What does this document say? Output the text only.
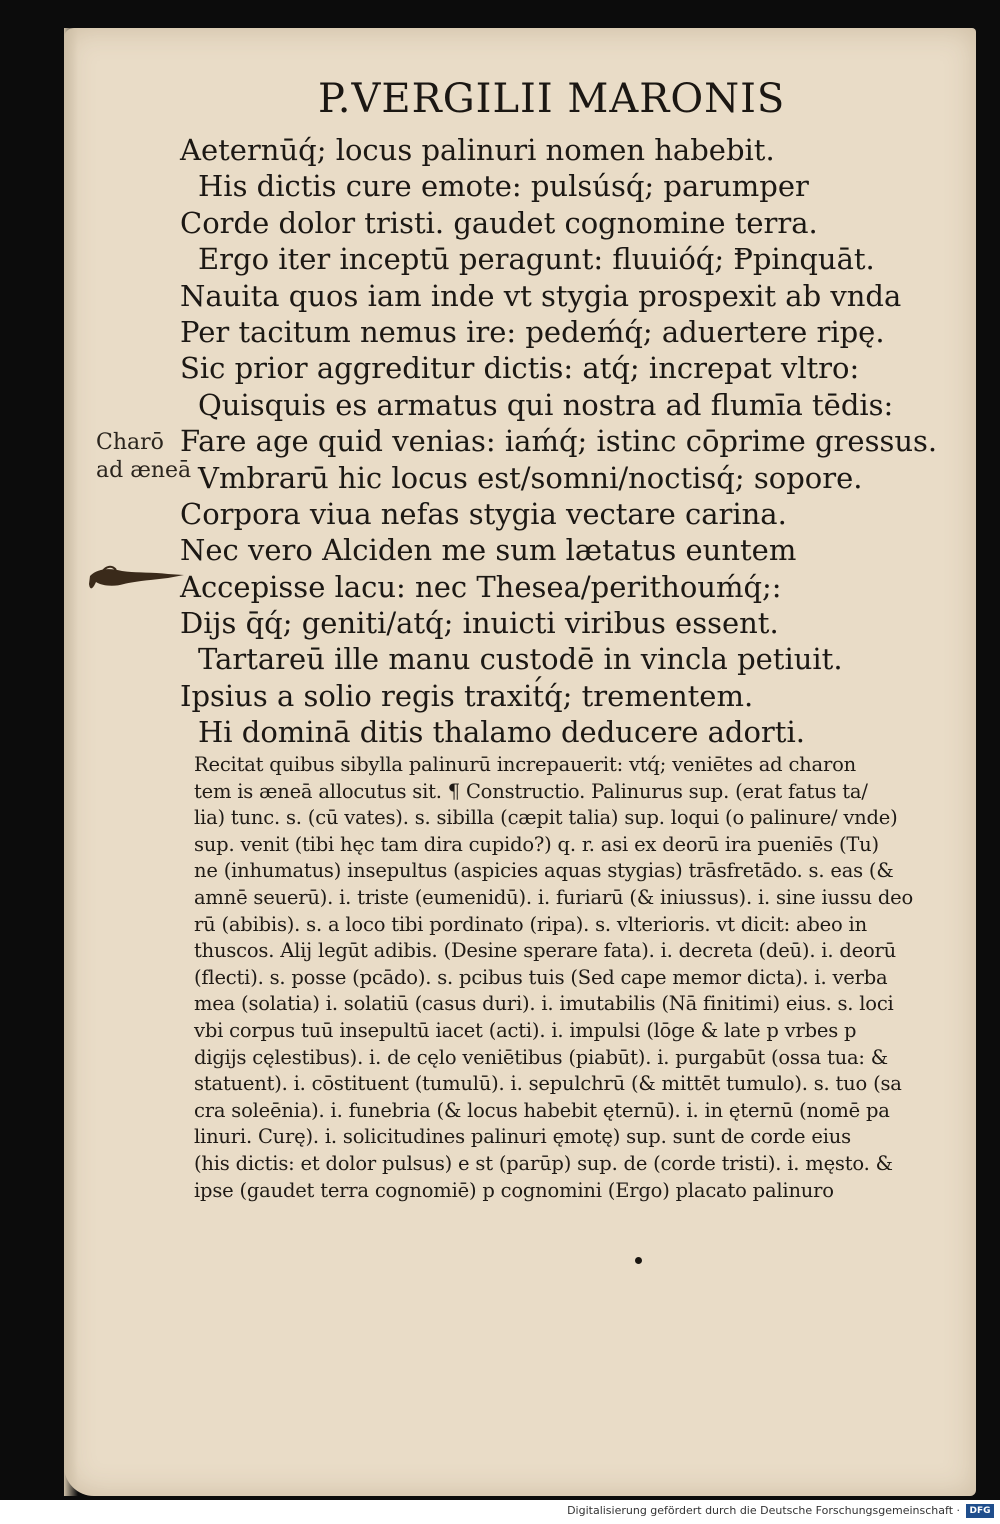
P.VERGILII MARONIS

Aeternūq́; locus palinuri nomen habebit.

His dictis cure emote: pulsúsq́; parumper

Corde dolor tristi. gaudet cognomine terra.

Ergo iter inceptū peragunt: fluuióq́; Ᵽpinquāt.

Nauita quos iam inde vt stygia prospexit ab vnda

Per tacitum nemus ire: pedeḿq́; aduertere ripę.

Sic prior aggreditur dictis: atq́; increpat vltro:

Quisquis es armatus qui nostra ad flumīa tēdis:

Fare age quid venias: iaḿq́; istinc cōprime gressus.

Vmbrarū hic locus est/somni/noctisq́; sopore.

Corpora viua nefas stygia vectare carina.

Nec vero Alciden me sum lætatus euntem

Accepisse lacu: nec Thesea/perithouḿq́;:

Dijs q̄q́; geniti/atq́; inuicti viribus essent.

Tartareū ille manu custodē in vincla petiuit.

Ipsius a solio regis traxit́q́; trementem.

Hi dominā ditis thalamo deducere adorti.

Charō
ad æneā

Recitat quibus sibylla palinurū increpauerit: vtq́; veniētes ad charon

tem is æneā allocutus sit. ¶ Constructio. Palinurus sup. (erat fatus ta/

lia) tunc. s. (cū vates). s. sibilla (cæpit talia) sup. loqui (o palinure/ vnde)

sup. venit (tibi hęc tam dira cupido?) q. r. asi ex deorū ira pueniēs (Tu)

ne (inhumatus) insepultus (aspicies aquas stygias) trāsfretādo. s. eas (&

amnē seuerū). i. triste (eumenidū). i. furiarū (& iniussus). i. sine iussu deo

rū (abibis). s. a loco tibi pordinato (ripa). s. vlterioris. vt dicit: abeo in

thuscos. Alij legūt adibis. (Desine sperare fata). i. decreta (deū). i. deorū

(flecti). s. posse (pcādo). s. pcibus tuis (Sed cape memor dicta). i. verba

mea (solatia) i. solatiū (casus duri). i. imutabilis (Nā finitimi) eius. s. loci

vbi corpus tuū insepultū iacet (acti). i. impulsi (lōge & late p vrbes p

digijs cęlestibus). i. de cęlo veniētibus (piabūt). i. purgabūt (ossa tua: &

statuent). i. cōstituent (tumulū). i. sepulchrū (& mittēt tumulo). s. tuo (sa

cra soleēnia). i. funebria (& locus habebit ęternū). i. in ęternū (nomē pa

linuri. Curę). i. solicitudines palinuri ęmotę) sup. sunt de corde eius

(his dictis: et dolor pulsus) e st (parūp) sup. de (corde tristi). i. męsto. &

ipse (gaudet terra cognomiē) p cognomini (Ergo) placato palinuro

Digitalisierung gefördert durch die Deutsche Forschungsgemeinschaft ·	DFG
